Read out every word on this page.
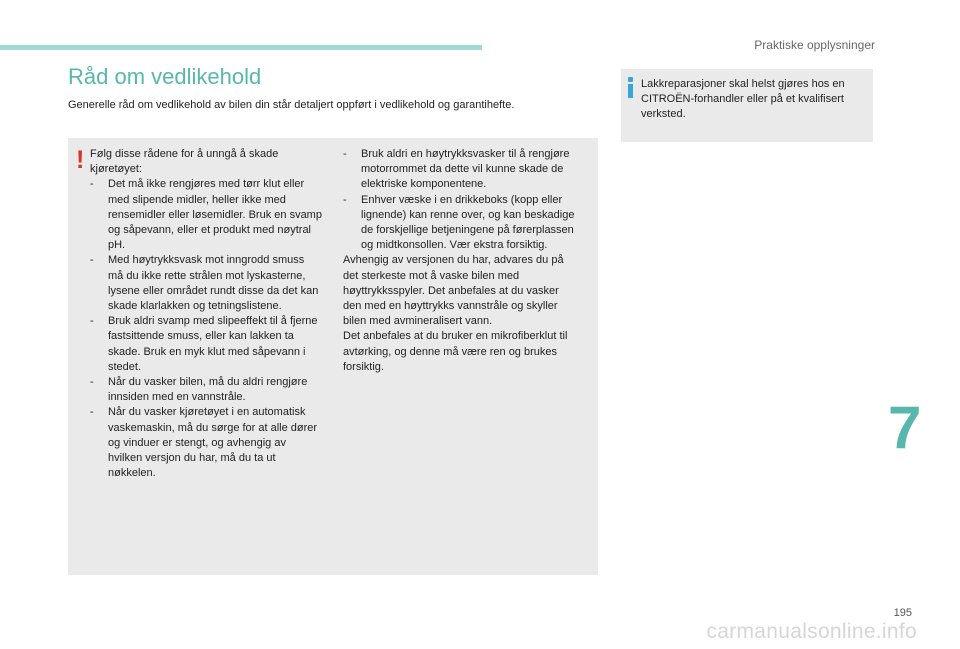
Praktiske opplysninger
Råd om vedlikehold

Generelle råd om vedlikehold av bilen din står detaljert oppført i vedlikehold og garantihefte.

! Følg disse rådene for å unngå å skade kjøretøyet:

- Det må ikke rengjøres med tørr klut eller med slipende midler, heller ikke med rensemidler eller løsemidler. Bruk en svamp og såpevann, eller et produkt med nøytral pH.
- Med høytrykksvask mot inngrodd smuss må du ikke rette strålen mot lyskasterne, lysene eller området rundt disse da det kan skade klarlakken og tetningslistene.
- Bruk aldri svamp med slipeeffekt til å fjerne fastsittende smuss, eller kan lakken ta skade. Bruk en myk klut med såpevann i stedet.
- Når du vasker bilen, må du aldri rengjøre innsiden med en vannstråle.
- Når du vasker kjøretøyet i en automatisk vaskemaskin, må du sørge for at alle dører og vinduer er stengt, og avhengig av hvilken versjon du har, må du ta ut nøkkelen.
- Bruk aldri en høytrykksvasker til å rengjøre motorrommet da dette vil kunne skade de elektriske komponentene.
- Enhver væske i en drikkeboks (kopp eller lignende) kan renne over, og kan beskadige de forskjellige betjeningene på førerplassen og midtkonsollen. Vær ekstra forsiktig.

Avhengig av versjonen du har, advares du på det sterkeste mot å vaske bilen med høyttrykksspyler. Det anbefales at du vasker den med en høyttrykks vannstråle og skyller bilen med avmineralisert vann.

Det anbefales at du bruker en mikrofiberklut til avtørking, og denne må være ren og brukes forsiktig.

Lakkreparasjoner skal helst gjøres hos en CITROËN-forhandler eller på et kvalifisert verksted.

7
195
carmanualsonline.info
